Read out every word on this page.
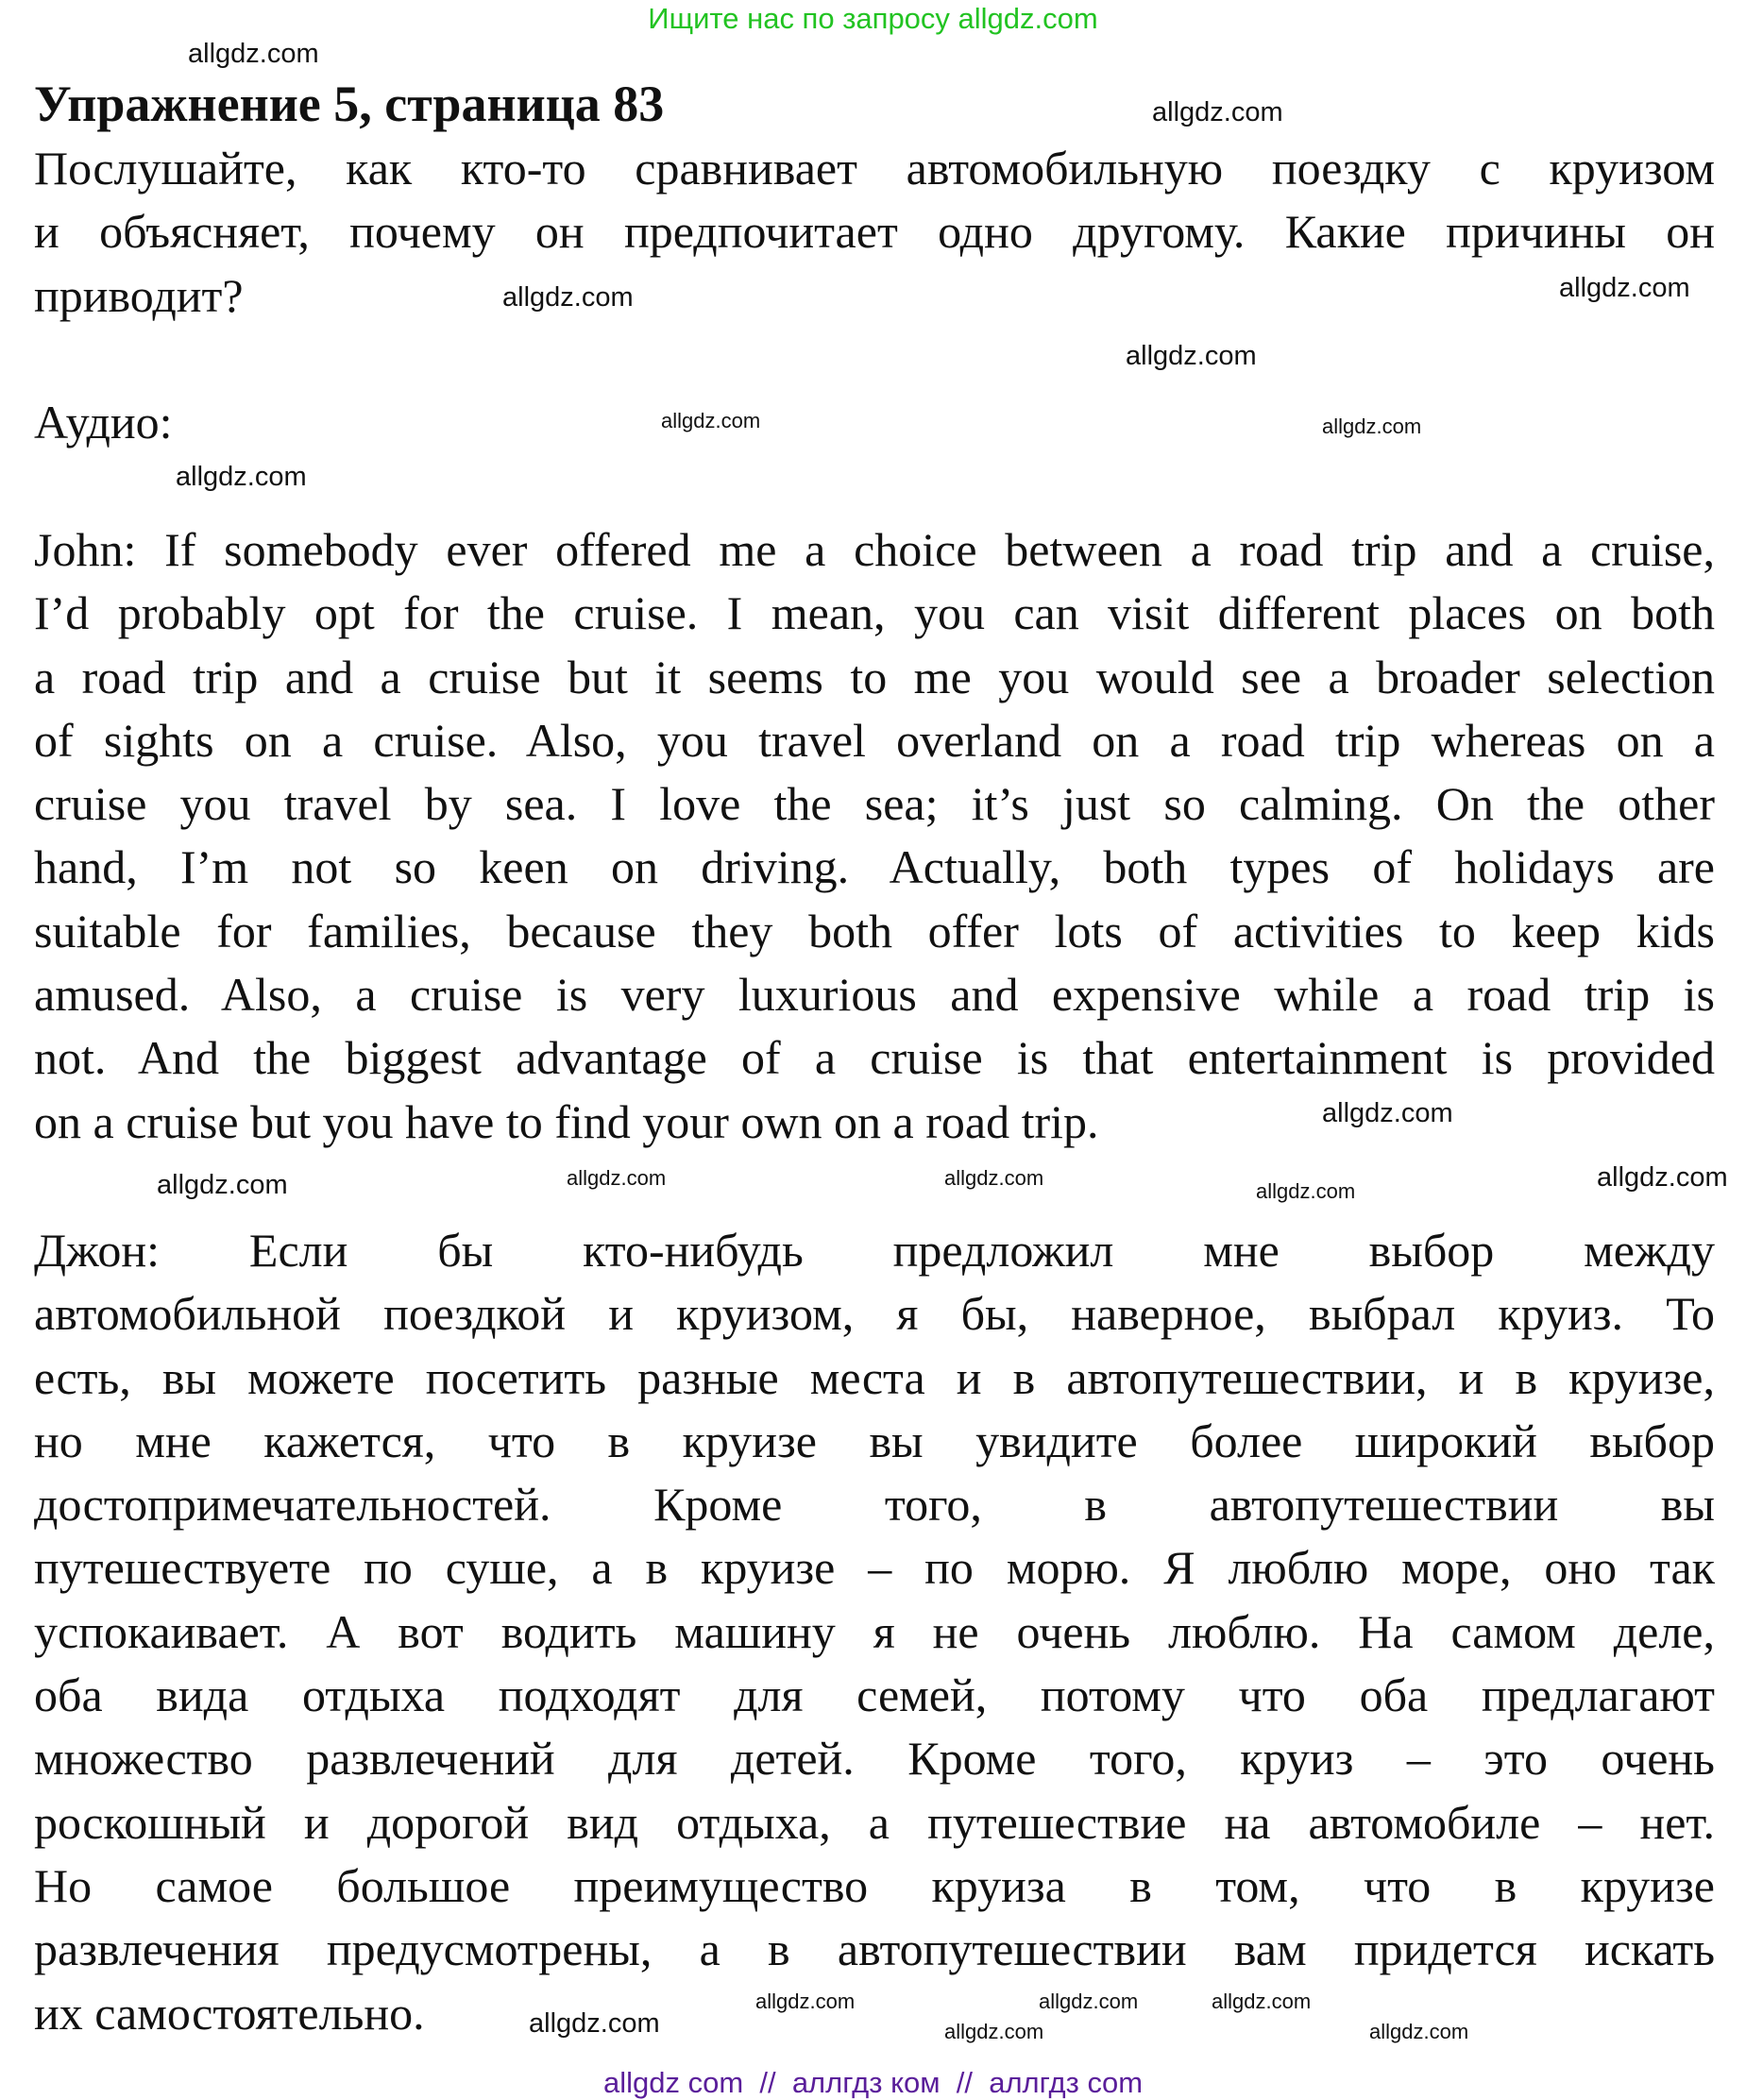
Ищите нас по запросу allgdz.com
Упражнение 5, страница 83
Послушайте, как кто-то сравнивает автомобильную поездку с круизом
и объясняет, почему он предпочитает одно другому. Какие причины он
приводит?
Аудио:
John: If somebody ever offered me a choice between a road trip and a cruise,
I’d probably opt for the cruise. I mean, you can visit different places on both
a road trip and a cruise but it seems to me you would see a broader selection
of sights on a cruise. Also, you travel overland on a road trip whereas on a
cruise you travel by sea. I love the sea; it’s just so calming. On the other
hand, I’m not so keen on driving. Actually, both types of holidays are
suitable for families, because they both offer lots of activities to keep kids
amused. Also, a cruise is very luxurious and expensive while a road trip is
not. And the biggest advantage of a cruise is that entertainment is provided
on a cruise but you have to find your own on a road trip.
Джон: Если бы кто-нибудь предложил мне выбор между
автомобильной поездкой и круизом, я бы, наверное, выбрал круиз. То
есть, вы можете посетить разные места и в автопутешествии, и в круизе,
но мне кажется, что в круизе вы увидите более широкий выбор
достопримечательностей. Кроме того, в автопутешествии вы
путешествуете по суше, а в круизе – по морю. Я люблю море, оно так
успокаивает. А вот водить машину я не очень люблю. На самом деле,
оба вида отдыха подходят для семей, потому что оба предлагают
множество развлечений для детей. Кроме того, круиз – это очень
роскошный и дорогой вид отдыха, а путешествие на автомобиле – нет.
Но самое большое преимущество круиза в том, что в круизе
развлечения предусмотрены, а в автопутешествии вам придется искать
их самостоятельно.
allgdz.com
allgdz.com
allgdz.com
allgdz.com
allgdz.com
allgdz.com
allgdz.com
allgdz.com
allgdz.com
allgdz.com
allgdz.com
allgdz.com
allgdz.com
allgdz.com
allgdz.com
allgdz.com
allgdz.com	allgdz.com
allgdz.com
allgdz.com
allgdz com  //  аллгдз ком  //  аллгдз com
